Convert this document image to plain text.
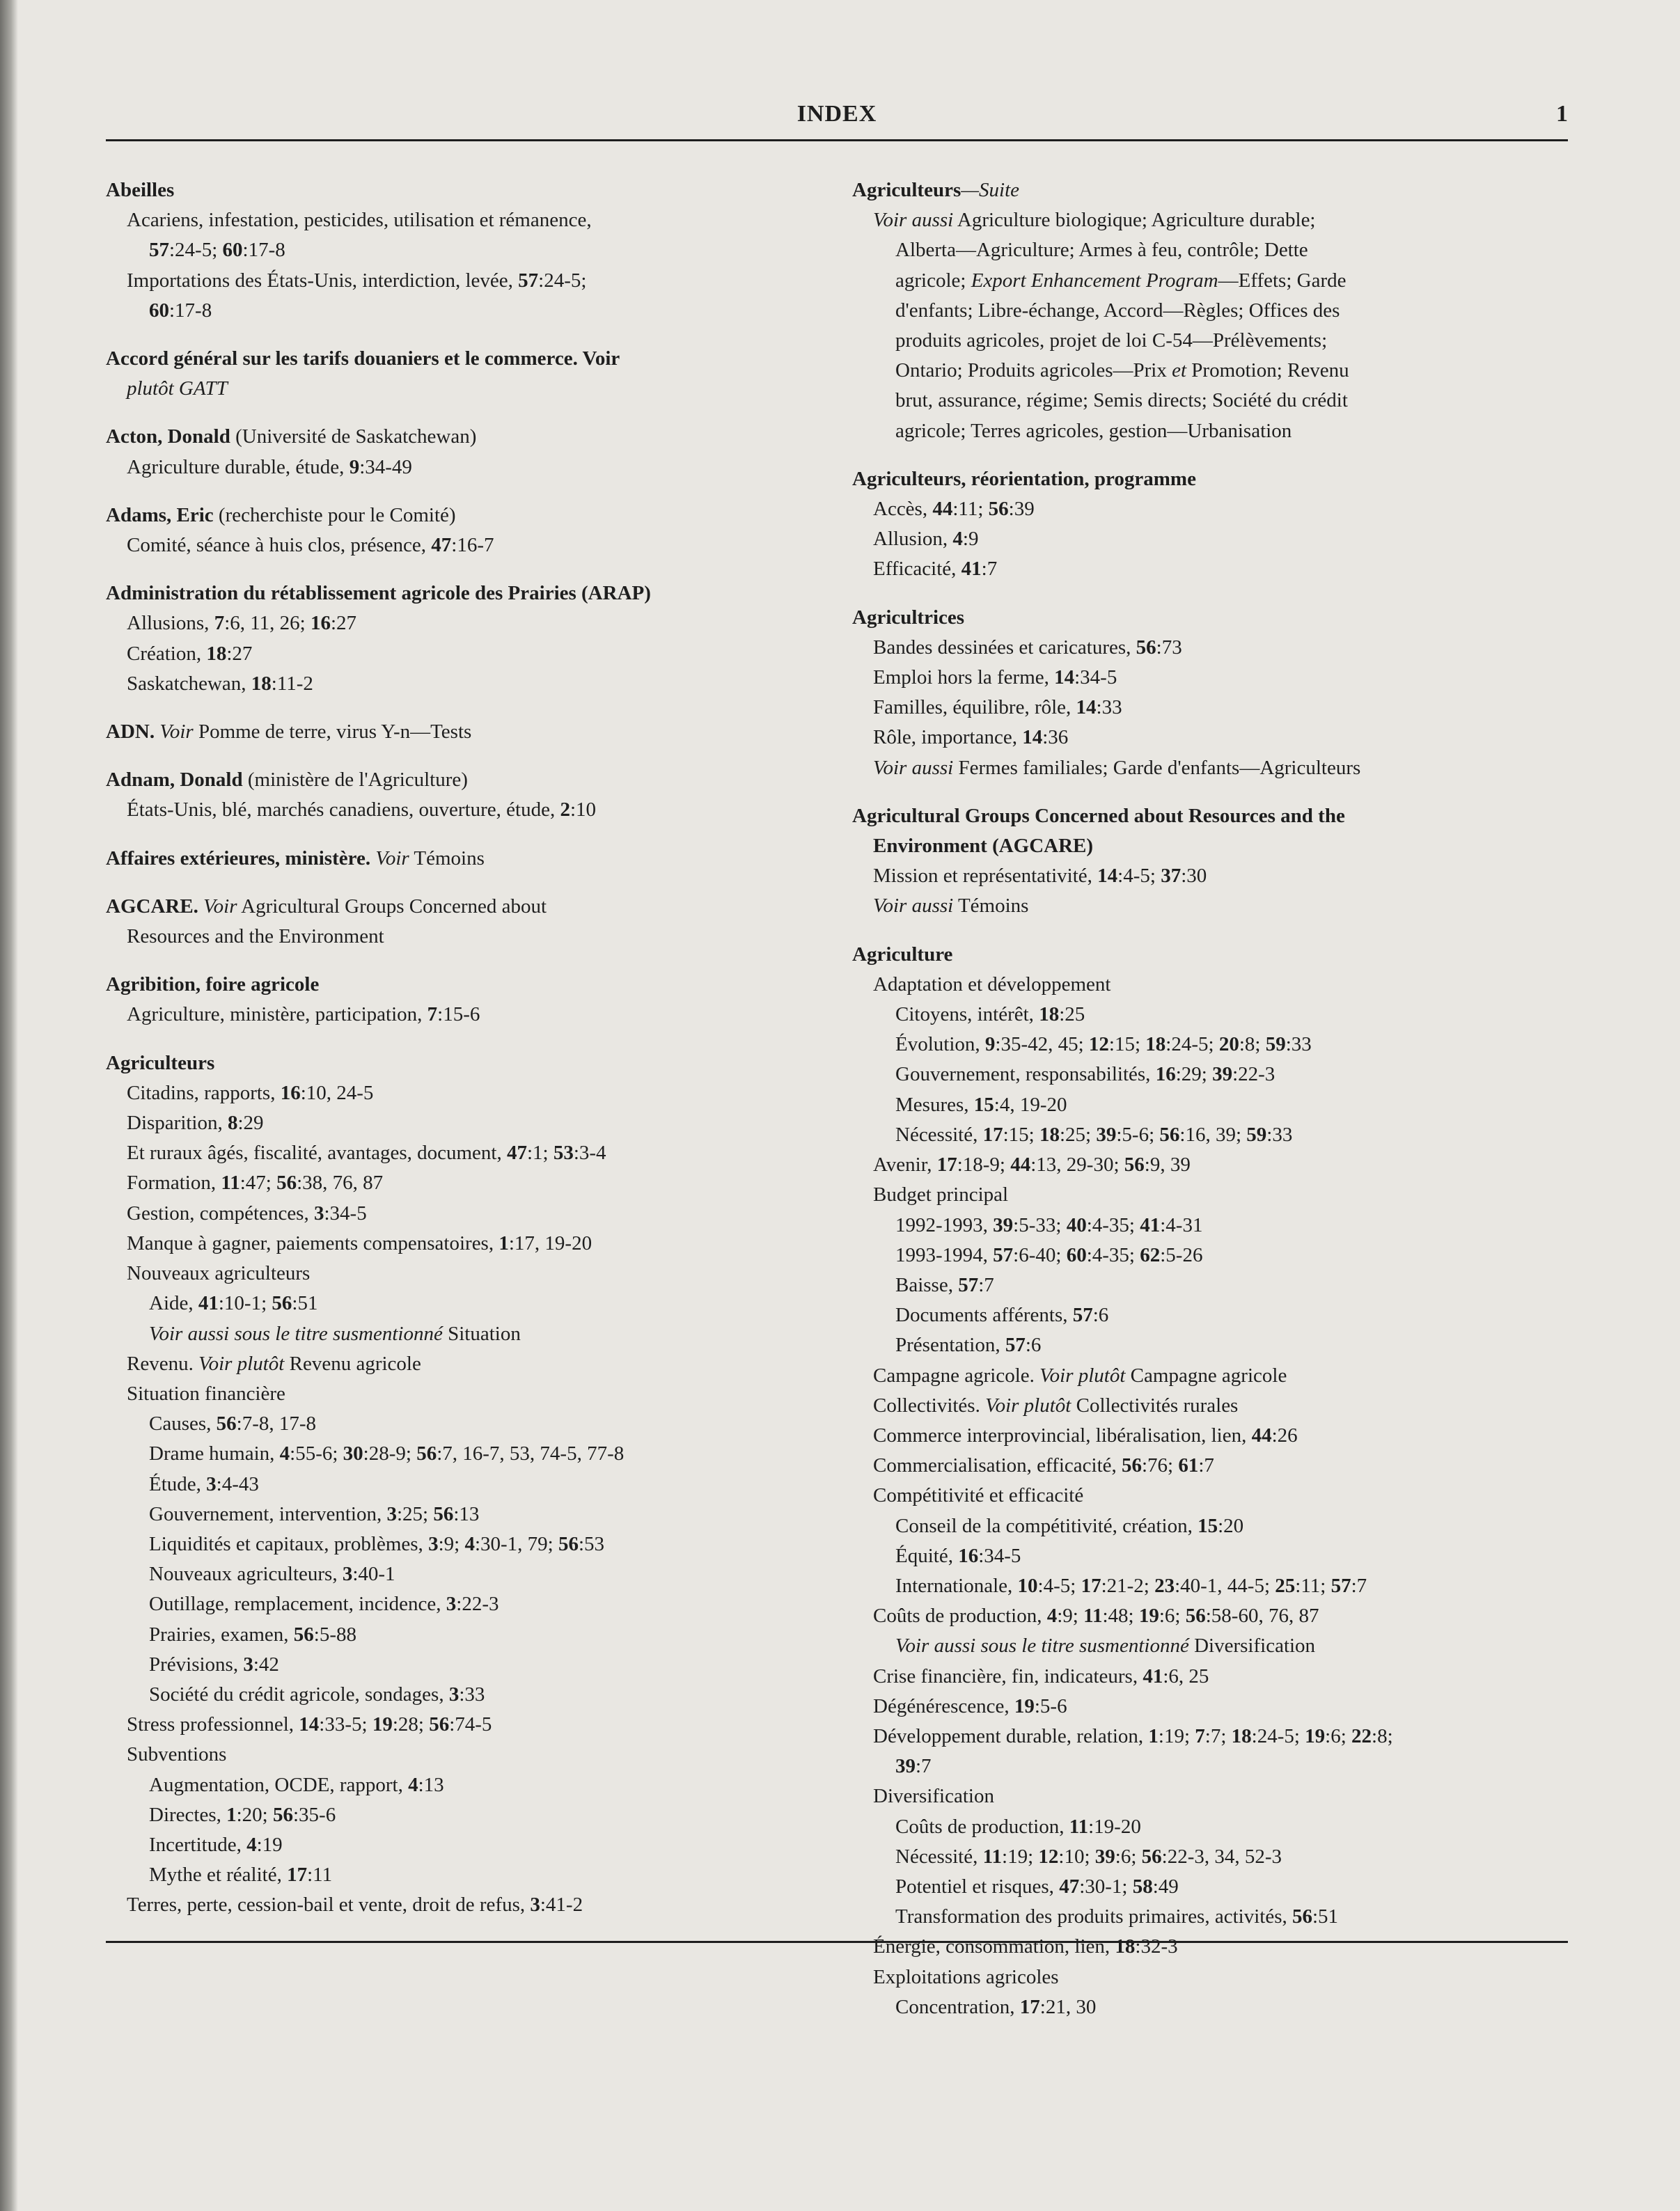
INDEX	1
Abeilles
Acariens, infestation, pesticides, utilisation et rémanence,
57:24-5; 60:17-8
Importations des États-Unis, interdiction, levée, 57:24-5;
60:17-8
Accord général sur les tarifs douaniers et le commerce. Voir
plutôt GATT
Acton, Donald (Université de Saskatchewan)
Agriculture durable, étude, 9:34-49
Adams, Eric (recherchiste pour le Comité)
Comité, séance à huis clos, présence, 47:16-7
Administration du rétablissement agricole des Prairies (ARAP)
Allusions, 7:6, 11, 26; 16:27
Création, 18:27
Saskatchewan, 18:11-2
ADN. Voir Pomme de terre, virus Y-n—Tests
Adnam, Donald (ministère de l'Agriculture)
États-Unis, blé, marchés canadiens, ouverture, étude, 2:10
Affaires extérieures, ministère. Voir Témoins
AGCARE. Voir Agricultural Groups Concerned about
Resources and the Environment
Agribition, foire agricole
Agriculture, ministère, participation, 7:15-6
Agriculteurs
Citadins, rapports, 16:10, 24-5
Disparition, 8:29
Et ruraux âgés, fiscalité, avantages, document, 47:1; 53:3-4
Formation, 11:47; 56:38, 76, 87
Gestion, compétences, 3:34-5
Manque à gagner, paiements compensatoires, 1:17, 19-20
Nouveaux agriculteurs
Aide, 41:10-1; 56:51
Voir aussi sous le titre susmentionné Situation
Revenu. Voir plutôt Revenu agricole
Situation financière
Causes, 56:7-8, 17-8
Drame humain, 4:55-6; 30:28-9; 56:7, 16-7, 53, 74-5, 77-8
Étude, 3:4-43
Gouvernement, intervention, 3:25; 56:13
Liquidités et capitaux, problèmes, 3:9; 4:30-1, 79; 56:53
Nouveaux agriculteurs, 3:40-1
Outillage, remplacement, incidence, 3:22-3
Prairies, examen, 56:5-88
Prévisions, 3:42
Société du crédit agricole, sondages, 3:33
Stress professionnel, 14:33-5; 19:28; 56:74-5
Subventions
Augmentation, OCDE, rapport, 4:13
Directes, 1:20; 56:35-6
Incertitude, 4:19
Mythe et réalité, 17:11
Terres, perte, cession-bail et vente, droit de refus, 3:41-2
Agriculteurs—Suite
Voir aussi Agriculture biologique; Agriculture durable;
Alberta—Agriculture; Armes à feu, contrôle; Dette
agricole; Export Enhancement Program—Effets; Garde
d'enfants; Libre-échange, Accord—Règles; Offices des
produits agricoles, projet de loi C-54—Prélèvements;
Ontario; Produits agricoles—Prix et Promotion; Revenu
brut, assurance, régime; Semis directs; Société du crédit
agricole; Terres agricoles, gestion—Urbanisation
Agriculteurs, réorientation, programme
Accès, 44:11; 56:39
Allusion, 4:9
Efficacité, 41:7
Agricultrices
Bandes dessinées et caricatures, 56:73
Emploi hors la ferme, 14:34-5
Familles, équilibre, rôle, 14:33
Rôle, importance, 14:36
Voir aussi Fermes familiales; Garde d'enfants—Agriculteurs
Agricultural Groups Concerned about Resources and the
Environment (AGCARE)
Mission et représentativité, 14:4-5; 37:30
Voir aussi Témoins
Agriculture
Adaptation et développement
Citoyens, intérêt, 18:25
Évolution, 9:35-42, 45; 12:15; 18:24-5; 20:8; 59:33
Gouvernement, responsabilités, 16:29; 39:22-3
Mesures, 15:4, 19-20
Nécessité, 17:15; 18:25; 39:5-6; 56:16, 39; 59:33
Avenir, 17:18-9; 44:13, 29-30; 56:9, 39
Budget principal
1992-1993, 39:5-33; 40:4-35; 41:4-31
1993-1994, 57:6-40; 60:4-35; 62:5-26
Baisse, 57:7
Documents afférents, 57:6
Présentation, 57:6
Campagne agricole. Voir plutôt Campagne agricole
Collectivités. Voir plutôt Collectivités rurales
Commerce interprovincial, libéralisation, lien, 44:26
Commercialisation, efficacité, 56:76; 61:7
Compétitivité et efficacité
Conseil de la compétitivité, création, 15:20
Équité, 16:34-5
Internationale, 10:4-5; 17:21-2; 23:40-1, 44-5; 25:11; 57:7
Coûts de production, 4:9; 11:48; 19:6; 56:58-60, 76, 87
Voir aussi sous le titre susmentionné Diversification
Crise financière, fin, indicateurs, 41:6, 25
Dégénérescence, 19:5-6
Développement durable, relation, 1:19; 7:7; 18:24-5; 19:6; 22:8;
39:7
Diversification
Coûts de production, 11:19-20
Nécessité, 11:19; 12:10; 39:6; 56:22-3, 34, 52-3
Potentiel et risques, 47:30-1; 58:49
Transformation des produits primaires, activités, 56:51
Énergie, consommation, lien, 18:32-3
Exploitations agricoles
Concentration, 17:21, 30
